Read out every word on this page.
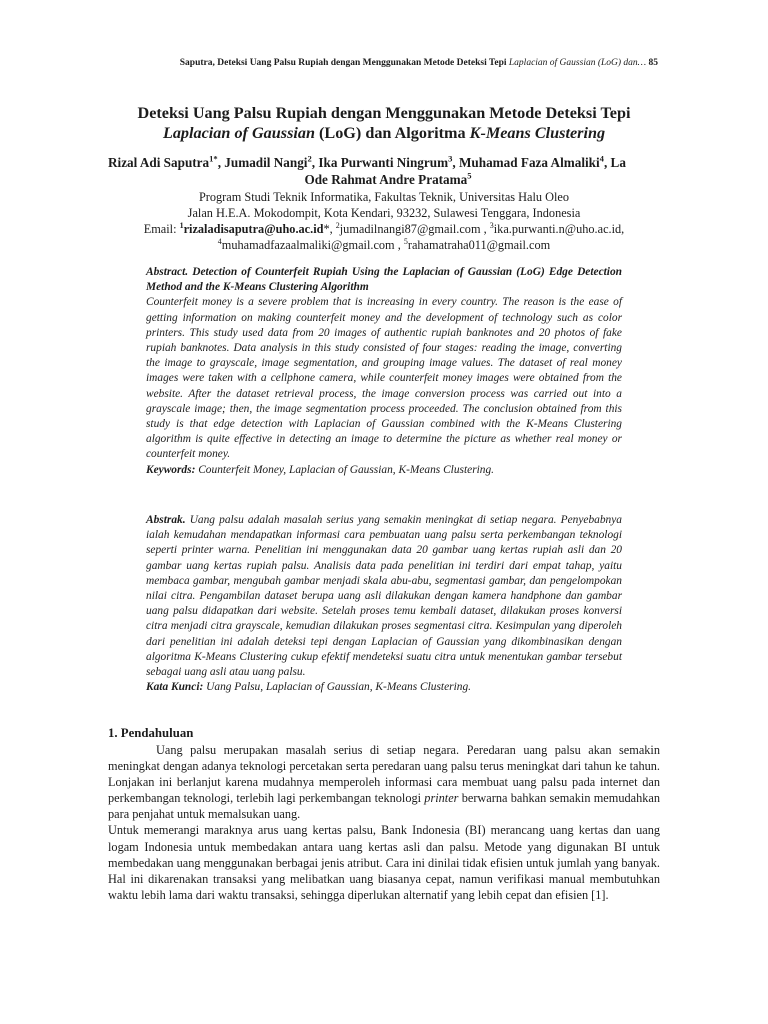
Saputra, Deteksi Uang Palsu Rupiah dengan Menggunakan Metode Deteksi Tepi Laplacian of Gaussian (LoG) dan… 85
Deteksi Uang Palsu Rupiah dengan Menggunakan Metode Deteksi Tepi
Laplacian of Gaussian (LoG) dan Algoritma K-Means Clustering
Rizal Adi Saputra$^{1*}$, Jumadil Nangi$^2$, Ika Purwanti Ningrum$^3$, Muhamad Faza Almaliki$^4$, La
Ode Rahmat Andre Pratama$^5$
Program Studi Teknik Informatika, Fakultas Teknik, Universitas Halu Oleo
Jalan H.E.A. Mokodompit, Kota Kendari, 93232, Sulawesi Tenggara, Indonesia
Email: $^1$rizaladisaputra@uho.ac.id*, $^2$jumadilnangi87@gmail.com , $^3$ika.purwanti.n@uho.ac.id,
$^4$muhamadfazaalmaliki@gmail.com , $^5$rahamatraha011@gmail.com
Abstract. Detection of Counterfeit Rupiah Using the Laplacian of Gaussian (LoG) Edge Detection Method and the K-Means Clustering Algorithm
Counterfeit money is a severe problem that is increasing in every country. The reason is the ease of getting information on making counterfeit money and the development of technology such as color printers. This study used data from 20 images of authentic rupiah banknotes and 20 photos of fake rupiah banknotes. Data analysis in this study consisted of four stages: reading the image, converting the image to grayscale, image segmentation, and grouping image values. The dataset of real money images were taken with a cellphone camera, while counterfeit money images were obtained from the website. After the dataset retrieval process, the image conversion process was carried out into a grayscale image; then, the image segmentation process proceeded. The conclusion obtained from this study is that edge detection with Laplacian of Gaussian combined with the K-Means Clustering algorithm is quite effective in detecting an image to determine the picture as whether real money or counterfeit money.
Keywords: Counterfeit Money, Laplacian of Gaussian, K-Means Clustering.
Abstrak. Uang palsu adalah masalah serius yang semakin meningkat di setiap negara. Penyebabnya ialah kemudahan mendapatkan informasi cara pembuatan uang palsu serta perkembangan teknologi seperti printer warna. Penelitian ini menggunakan data 20 gambar uang kertas rupiah asli dan 20 gambar uang kertas rupiah palsu. Analisis data pada penelitian ini terdiri dari empat tahap, yaitu membaca gambar, mengubah gambar menjadi skala abu-abu, segmentasi gambar, dan pengelompokan nilai citra. Pengambilan dataset berupa uang asli dilakukan dengan kamera handphone dan gambar uang palsu didapatkan dari website. Setelah proses temu kembali dataset, dilakukan proses konversi citra menjadi citra grayscale, kemudian dilakukan proses segmentasi citra. Kesimpulan yang diperoleh dari penelitian ini adalah deteksi tepi dengan Laplacian of Gaussian yang dikombinasikan dengan algoritma K-Means Clustering cukup efektif mendeteksi suatu citra untuk menentukan gambar tersebut sebagai uang asli atau uang palsu.
Kata Kunci: Uang Palsu, Laplacian of Gaussian, K-Means Clustering.
1. Pendahuluan

Uang palsu merupakan masalah serius di setiap negara. Peredaran uang palsu akan semakin meningkat dengan adanya teknologi percetakan serta peredaran uang palsu terus meningkat dari tahun ke tahun. Lonjakan ini berlanjut karena mudahnya memperoleh informasi cara membuat uang palsu pada internet dan perkembangan teknologi, terlebih lagi perkembangan teknologi printer berwarna bahkan semakin memudahkan para penjahat untuk memalsukan uang.

Untuk memerangi maraknya arus uang kertas palsu, Bank Indonesia (BI) merancang uang kertas dan uang logam Indonesia untuk membedakan antara uang kertas asli dan palsu. Metode yang digunakan BI untuk membedakan uang menggunakan berbagai jenis atribut. Cara ini dinilai tidak efisien untuk jumlah yang banyak. Hal ini dikarenakan transaksi yang melibatkan uang biasanya cepat, namun verifikasi manual membutuhkan waktu lebih lama dari waktu transaksi, sehingga diperlukan alternatif yang lebih cepat dan efisien [1].
